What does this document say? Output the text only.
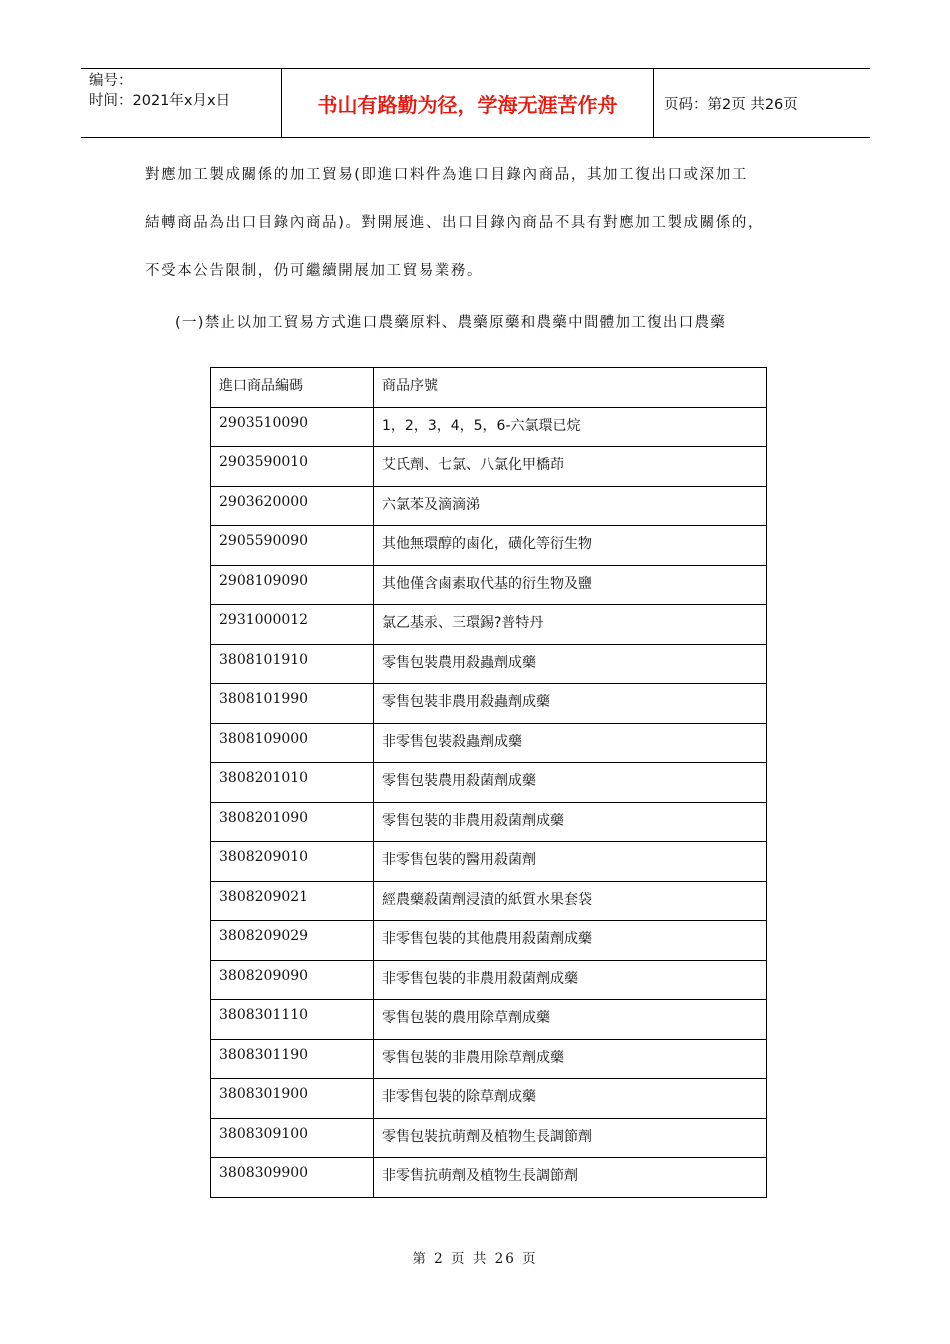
编号：
时间：2021年x月x日	书山有路勤为径，学海无涯苦作舟	页码：第2页 共26页
對應加工製成關係的加工貿易(即進口料件為進口目錄內商品，其加工復出口或深加工
結轉商品為出口目錄內商品)。對開展進、出口目錄內商品不具有對應加工製成關係的，
不受本公告限制，仍可繼續開展加工貿易業務。
(一)禁止以加工貿易方式進口農藥原料、農藥原藥和農藥中間體加工復出口農藥
進口商品編碼	商品序號
2903510090	1，2，3，4，5，6-六氯環已烷
2903590010	艾氏劑、七氯、八氯化甲橋茚
2903620000	六氯苯及滴滴涕
2905590090	其他無環醇的鹵化，磺化等衍生物
2908109090	其他僅含鹵素取代基的衍生物及鹽
2931000012	氯乙基汞、三環錫?普特丹
3808101910	零售包裝農用殺蟲劑成藥
3808101990	零售包裝非農用殺蟲劑成藥
3808109000	非零售包裝殺蟲劑成藥
3808201010	零售包裝農用殺菌劑成藥
3808201090	零售包裝的非農用殺菌劑成藥
3808209010	非零售包裝的醫用殺菌劑
3808209021	經農藥殺菌劑浸漬的紙質水果套袋
3808209029	非零售包裝的其他農用殺菌劑成藥
3808209090	非零售包裝的非農用殺菌劑成藥
3808301110	零售包裝的農用除草劑成藥
3808301190	零售包裝的非農用除草劑成藥
3808301900	非零售包裝的除草劑成藥
3808309100	零售包裝抗萌劑及植物生長調節劑
3808309900	非零售抗萌劑及植物生長調節劑
第 2 页 共 26 页
